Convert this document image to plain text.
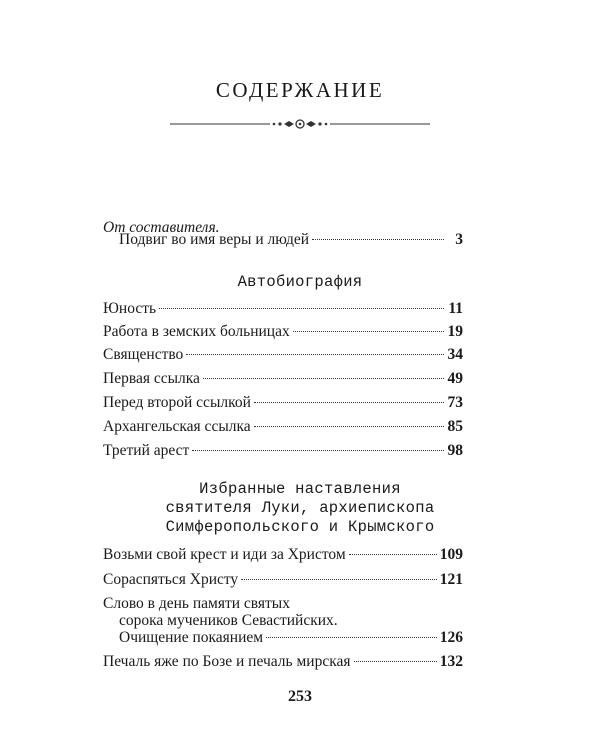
СОДЕРЖАНИЕ
От составителя.
Подвиг во имя веры и людей	3
Автобиография
Юность	11
Работа в земских больницах	19
Священство	34
Первая ссылка	49
Перед второй ссылкой	73
Архангельская ссылка	85
Третий арест	98
Избранные наставления
святителя Луки, архиепископа
Симферопольского и Крымского
Возьми свой крест и иди за Христом	109
Сораспяться Христу	121
Слово в день памяти святых
сорока мучеников Севастийских.
Очищение покаянием	126
Печаль яже по Бозе и печаль мирская	132
253
